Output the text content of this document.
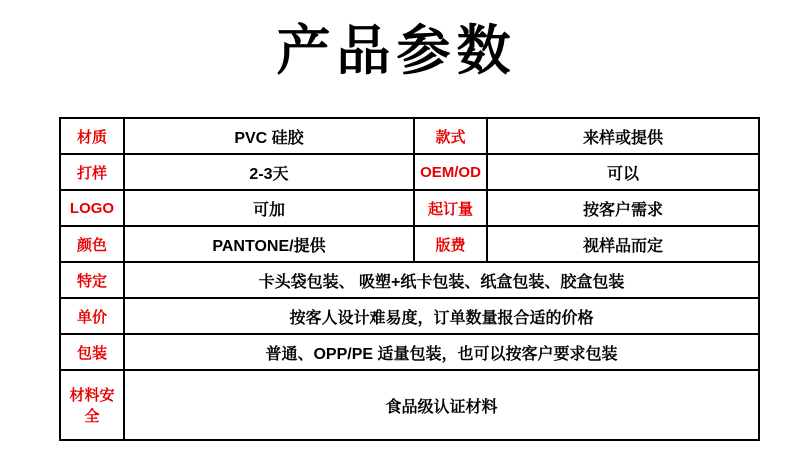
产品参数
材质	PVC 硅胶	款式	来样或提供
打样	2-3天	OEM/OD	可以
LOGO	可加	起订量	按客户需求
颜色	PANTONE/提供	版费	视样品而定
特定	卡头袋包装、 吸塑+纸卡包装、纸盒包装、胶盒包装		
单价	按客人设计难易度，订单数量报合适的价格		
包装	普通、OPP/PE 适量包装，也可以按客户要求包装		
材料安全	食品级认证材料		
